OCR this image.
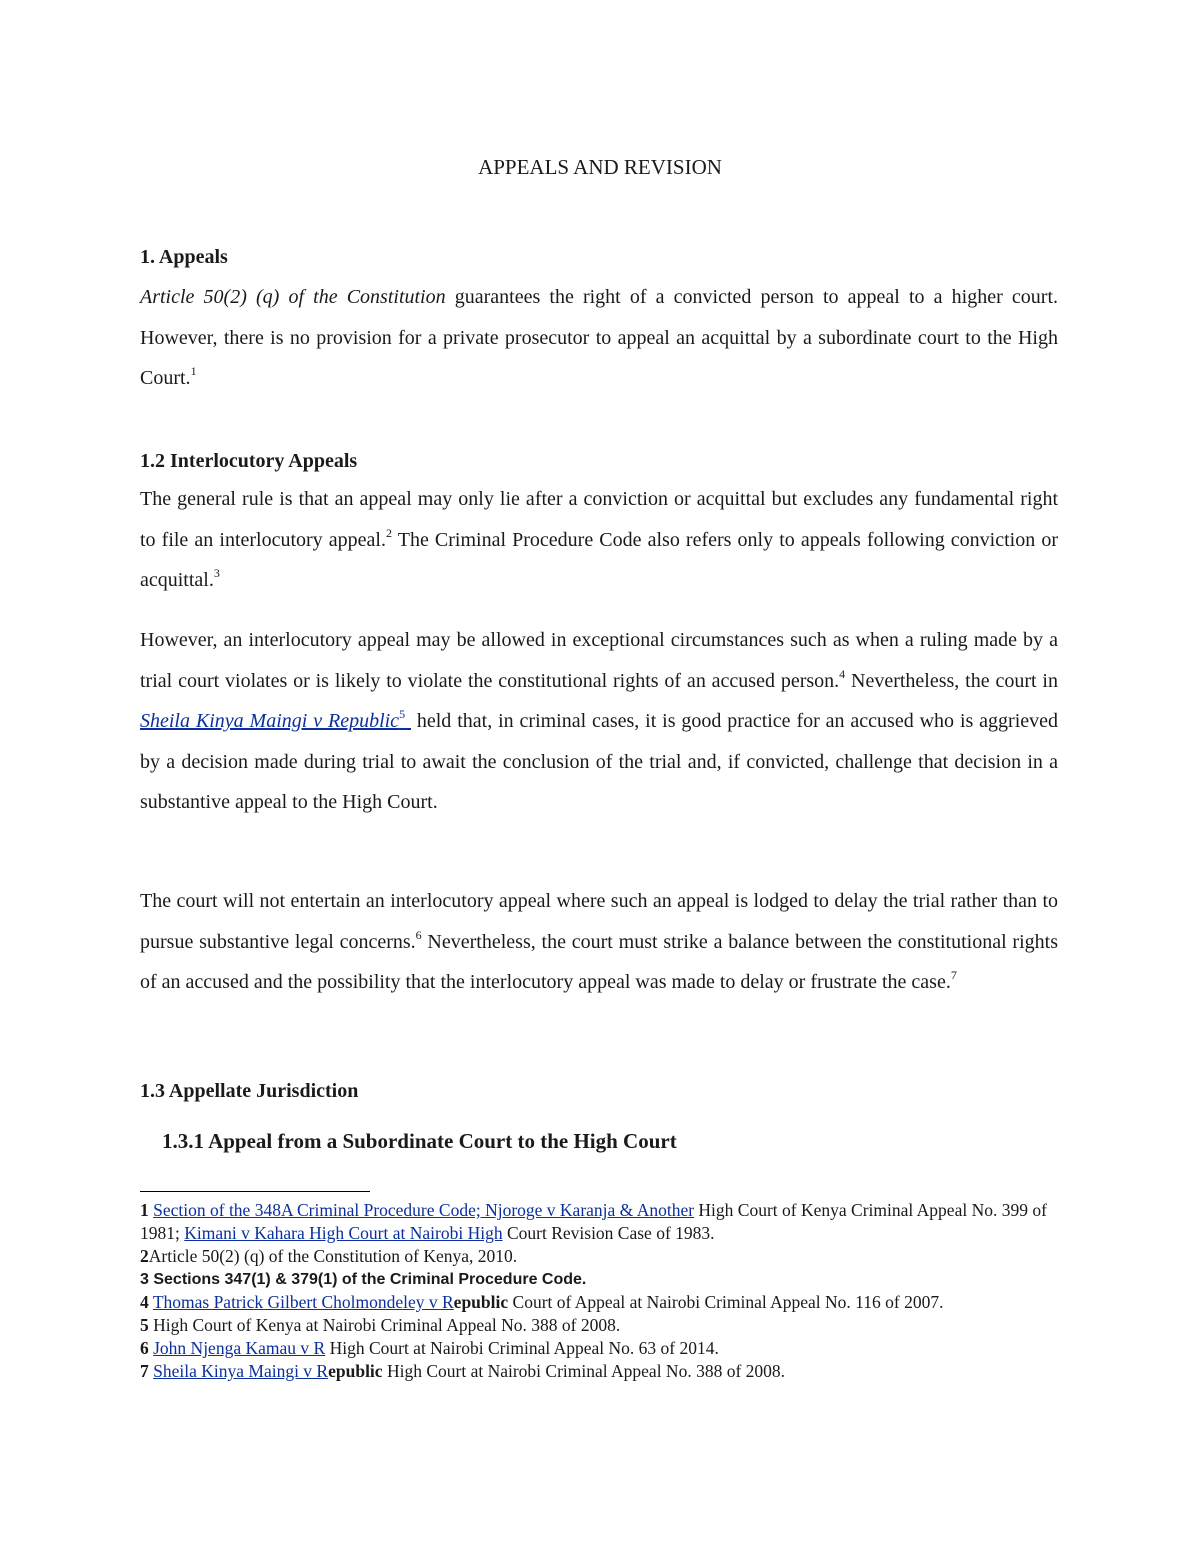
APPEALS AND REVISION
1. Appeals
Article 50(2) (q) of the Constitution guarantees the right of a convicted person to appeal to a higher court. However, there is no provision for a private prosecutor to appeal an acquittal by a subordinate court to the High Court.$^1$
1.2 Interlocutory Appeals
The general rule is that an appeal may only lie after a conviction or acquittal but excludes any fundamental right to file an interlocutory appeal.$^2$ The Criminal Procedure Code also refers only to appeals following conviction or acquittal.$^3$
However, an interlocutory appeal may be allowed in exceptional circumstances such as when a ruling made by a trial court violates or is likely to violate the constitutional rights of an accused person.$^4$ Nevertheless, the court in Sheila Kinya Maingi v Republic$^5$  held that, in criminal cases, it is good practice for an accused who is aggrieved by a decision made during trial to await the conclusion of the trial and, if convicted, challenge that decision in a substantive appeal to the High Court.
The court will not entertain an interlocutory appeal where such an appeal is lodged to delay the trial rather than to pursue substantive legal concerns.$^6$ Nevertheless, the court must strike a balance between the constitutional rights of an accused and the possibility that the interlocutory appeal was made to delay or frustrate the case.$^7$
1.3 Appellate Jurisdiction
1.3.1 Appeal from a Subordinate Court to the High Court

1 Section of the 348A Criminal Procedure Code; Njoroge v Karanja & Another High Court of Kenya Criminal Appeal No. 399 of 1981; Kimani v Kahara High Court at Nairobi High Court Revision Case of 1983.

2Article 50(2) (q) of the Constitution of Kenya, 2010.

3 Sections 347(1) & 379(1) of the Criminal Procedure Code.

4 Thomas Patrick Gilbert Cholmondeley v Republic Court of Appeal at Nairobi Criminal Appeal No. 116 of 2007.

5 High Court of Kenya at Nairobi Criminal Appeal No. 388 of 2008.

6 John Njenga Kamau v R High Court at Nairobi Criminal Appeal No. 63 of 2014.

7 Sheila Kinya Maingi v Republic High Court at Nairobi Criminal Appeal No. 388 of 2008.
